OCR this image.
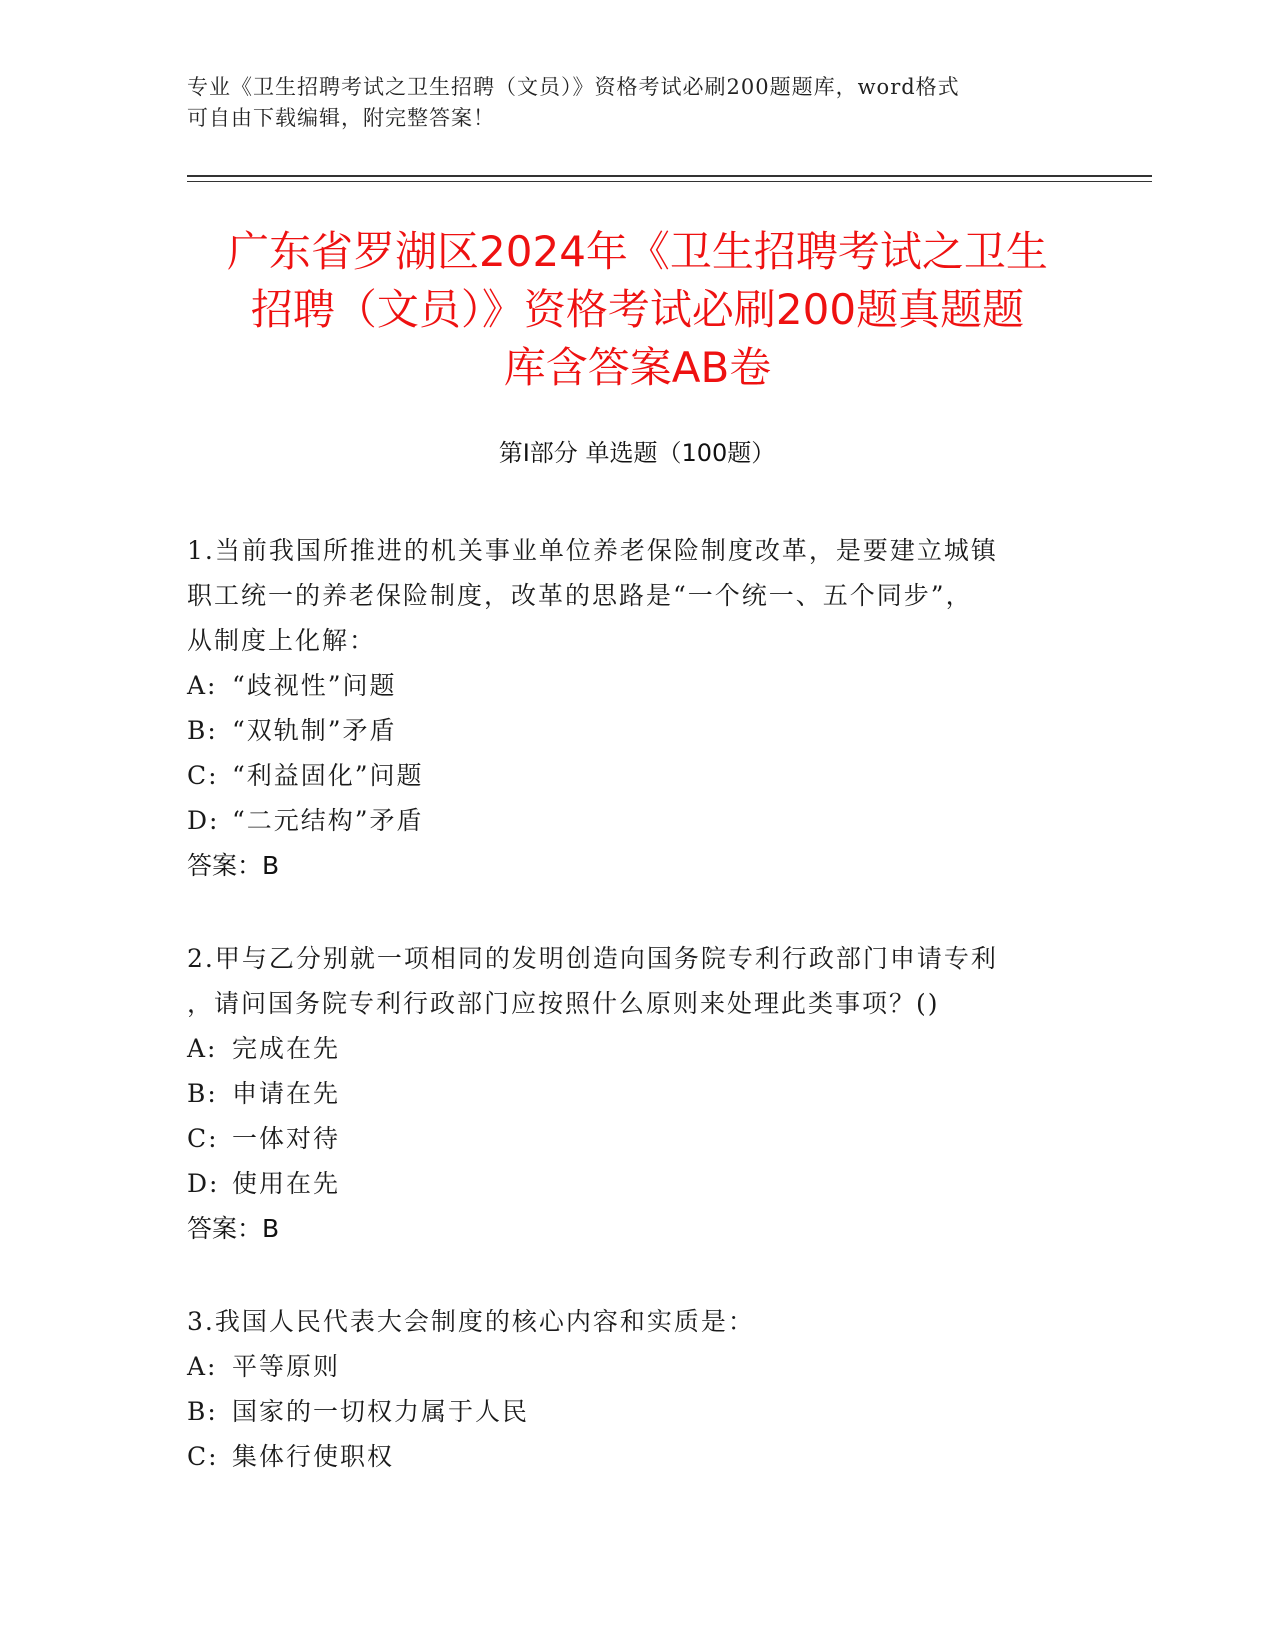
专业《卫生招聘考试之卫生招聘（文员）》资格考试必刷200题题库，word格式
可自由下载编辑，附完整答案！
广东省罗湖区2024年《卫生招聘考试之卫生
招聘（文员）》资格考试必刷200题真题题
库含答案AB卷
第Ⅰ部分 单选题（100题）
1.当前我国所推进的机关事业单位养老保险制度改革，是要建立城镇
职工统一的养老保险制度，改革的思路是“一个统一、五个同步”，
从制度上化解：
A: “歧视性”问题
B: “双轨制”矛盾
C: “利益固化”问题
D: “二元结构”矛盾
答案：B
2.甲与乙分别就一项相同的发明创造向国务院专利行政部门申请专利
，请问国务院专利行政部门应按照什么原则来处理此类事项？()
A: 完成在先
B: 申请在先
C: 一体对待
D: 使用在先
答案：B
3.我国人民代表大会制度的核心内容和实质是：
A: 平等原则
B: 国家的一切权力属于人民
C: 集体行使职权
